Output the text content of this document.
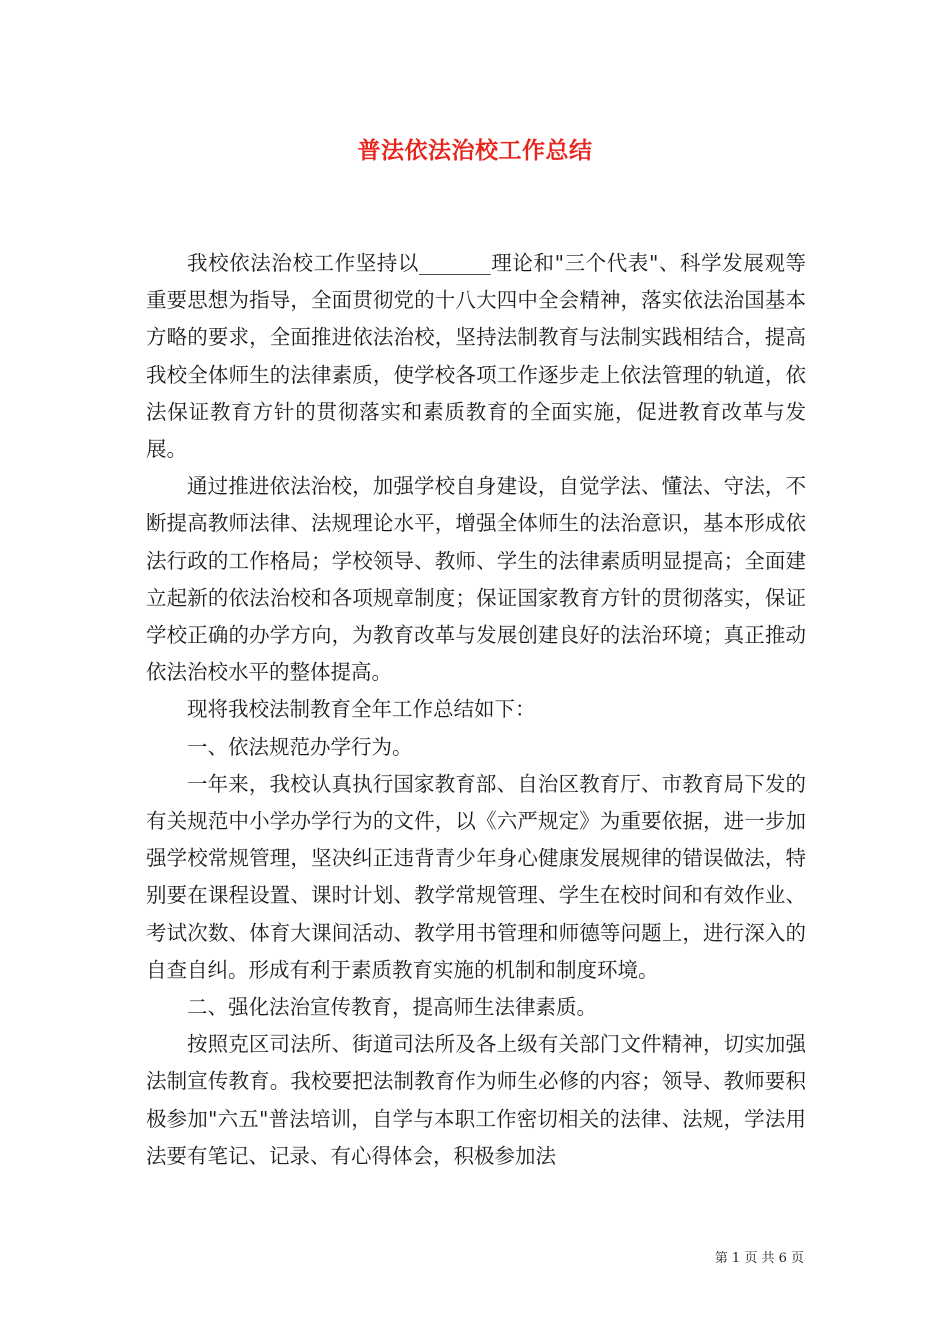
普法依法治校工作总结

我校依法治校工作坚持以_______理论和"三个代表"、科学发展观等重要思想为指导，全面贯彻党的十八大四中全会精神，落实依法治国基本方略的要求，全面推进依法治校，坚持法制教育与法制实践相结合，提高我校全体师生的法律素质，使学校各项工作逐步走上依法管理的轨道，依法保证教育方针的贯彻落实和素质教育的全面实施，促进教育改革与发展。

通过推进依法治校，加强学校自身建设，自觉学法、懂法、守法，不断提高教师法律、法规理论水平，增强全体师生的法治意识，基本形成依法行政的工作格局；学校领导、教师、学生的法律素质明显提高；全面建立起新的依法治校和各项规章制度；保证国家教育方针的贯彻落实，保证学校正确的办学方向，为教育改革与发展创建良好的法治环境；真正推动依法治校水平的整体提高。

现将我校法制教育全年工作总结如下：

一、依法规范办学行为。

一年来，我校认真执行国家教育部、自治区教育厅、市教育局下发的有关规范中小学办学行为的文件，以《六严规定》为重要依据，进一步加强学校常规管理，坚决纠正违背青少年身心健康发展规律的错误做法，特别要在课程设置、课时计划、教学常规管理、学生在校时间和有效作业、考试次数、体育大课间活动、教学用书管理和师德等问题上，进行深入的自查自纠。形成有利于素质教育实施的机制和制度环境。

二、强化法治宣传教育，提高师生法律素质。

按照克区司法所、街道司法所及各上级有关部门文件精神，切实加强法制宣传教育。我校要把法制教育作为师生必修的内容；领导、教师要积极参加"六五"普法培训，自学与本职工作密切相关的法律、法规，学法用法要有笔记、记录、有心得体会，积极参加法

第 1 页 共 6 页
